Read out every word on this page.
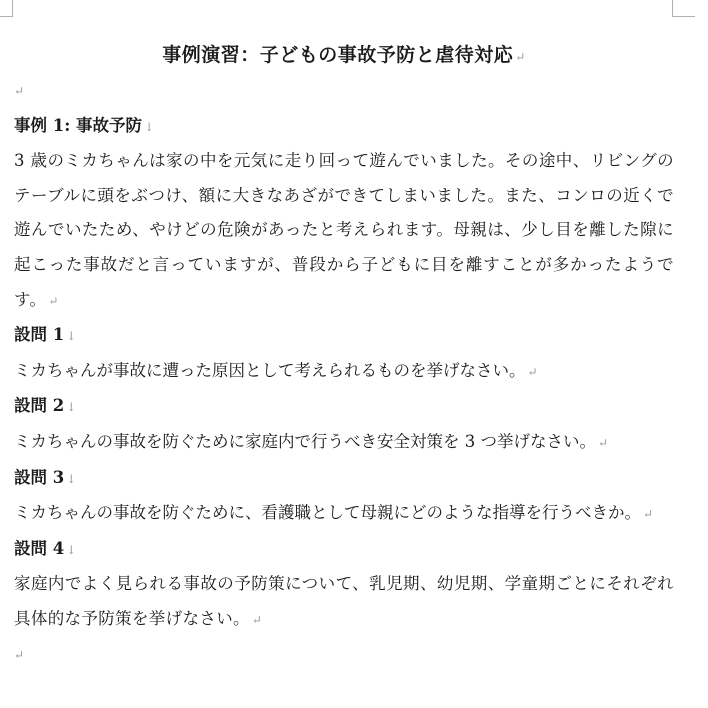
事例演習：子どもの事故予防と虐待対応 ↵

↵

事例 1: 事故予防 ↓

3 歳のミカちゃんは家の中を元気に走り回って遊んでいました。その途中、リビングのテーブルに頭をぶつけ、額に大きなあざができてしまいました。また、コンロの近くで遊んでいたため、やけどの危険があったと考えられます。母親は、少し目を離した隙に起こった事故だと言っていますが、普段から子どもに目を離すことが多かったようです。 ↵

設問 1 ↓

ミカちゃんが事故に遭った原因として考えられるものを挙げなさい。 ↵

設問 2 ↓

ミカちゃんの事故を防ぐために家庭内で行うべき安全対策を 3 つ挙げなさい。 ↵

設問 3 ↓

ミカちゃんの事故を防ぐために、看護職として母親にどのような指導を行うべきか。 ↵

設問 4 ↓

家庭内でよく見られる事故の予防策について、乳児期、幼児期、学童期ごとにそれぞれ具体的な予防策を挙げなさい。 ↵

↵
